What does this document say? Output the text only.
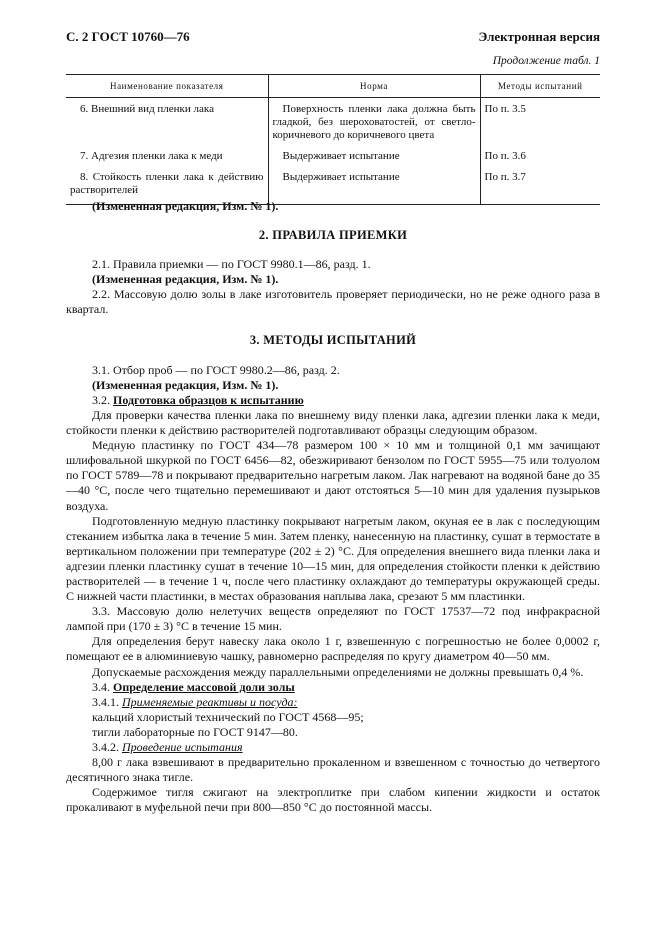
С. 2 ГОСТ 10760—76	Электронная версия
Продолжение табл. 1
Наименование показателя	Норма	Методы испытаний
6. Внешний вид пленки лака	Поверхность пленки лака должна быть гладкой, без шероховатостей, от светло-коричневого до коричневого цвета	По п. 3.5
7. Адгезия пленки лака к меди	Выдерживает испытание	По п. 3.6
8. Стойкость пленки лака к действию растворителей	Выдерживает испытание	По п. 3.7

(Измененная редакция, Изм. № 1).

2. ПРАВИЛА ПРИЕМКИ

2.1. Правила приемки — по ГОСТ 9980.1—86, разд. 1.

(Измененная редакция, Изм. № 1).

2.2. Массовую долю золы в лаке изготовитель проверяет периодически, но не реже одного раза в квартал.

3. МЕТОДЫ ИСПЫТАНИЙ

3.1. Отбор проб — по ГОСТ 9980.2—86, разд. 2.

(Измененная редакция, Изм. № 1).

3.2. Подготовка образцов к испытанию

Для проверки качества пленки лака по внешнему виду пленки лака, адгезии пленки лака к меди, стойкости пленки к действию растворителей подготавливают образцы следующим образом.

Медную пластинку по ГОСТ 434—78 размером 100 × 10 мм и толщиной 0,1 мм зачищают шлифовальной шкуркой по ГОСТ 6456—82, обезжиривают бензолом по ГОСТ 5955—75 или толуолом по ГОСТ 5789—78 и покрывают предварительно нагретым лаком. Лак нагревают на водяной бане до 35—40 °С, после чего тщательно перемешивают и дают отстояться 5—10 мин для удаления пузырьков воздуха.

Подготовленную медную пластинку покрывают нагретым лаком, окуная ее в лак с последующим стеканием избытка лака в течение 5 мин. Затем пленку, нанесенную на пластинку, сушат в термостате в вертикальном положении при температуре (202 ± 2) °С. Для определения внешнего вида пленки лака и адгезии пленки пластинку сушат в течение 10—15 мин, для определения стойкости пленки к действию растворителей — в течение 1 ч, после чего пластинку охлаждают до температуры окружающей среды. С нижней части пластинки, в местах образования наплыва лака, срезают 5 мм пластинки.

3.3. Массовую долю нелетучих веществ определяют по ГОСТ 17537—72 под инфракрасной лампой при (170 ± 3) °С в течение 15 мин.

Для определения берут навеску лака около 1 г, взвешенную с погрешностью не более 0,0002 г, помещают ее в алюминиевую чашку, равномерно распределяя по кругу диаметром 40—50 мм.

Допускаемые расхождения между параллельными определениями не должны превышать 0,4 %.

3.4. Определение массовой доли золы

3.4.1. Применяемые реактивы и посуда:

кальций хлористый технический по ГОСТ 4568—95;

тигли лабораторные по ГОСТ 9147—80.

3.4.2. Проведение испытания

8,00 г лака взвешивают в предварительно прокаленном и взвешенном с точностью до четвертого десятичного знака тигле.

Содержимое тигля сжигают на электроплитке при слабом кипении жидкости и остаток прокаливают в муфельной печи при 800—850 °С до постоянной массы.
